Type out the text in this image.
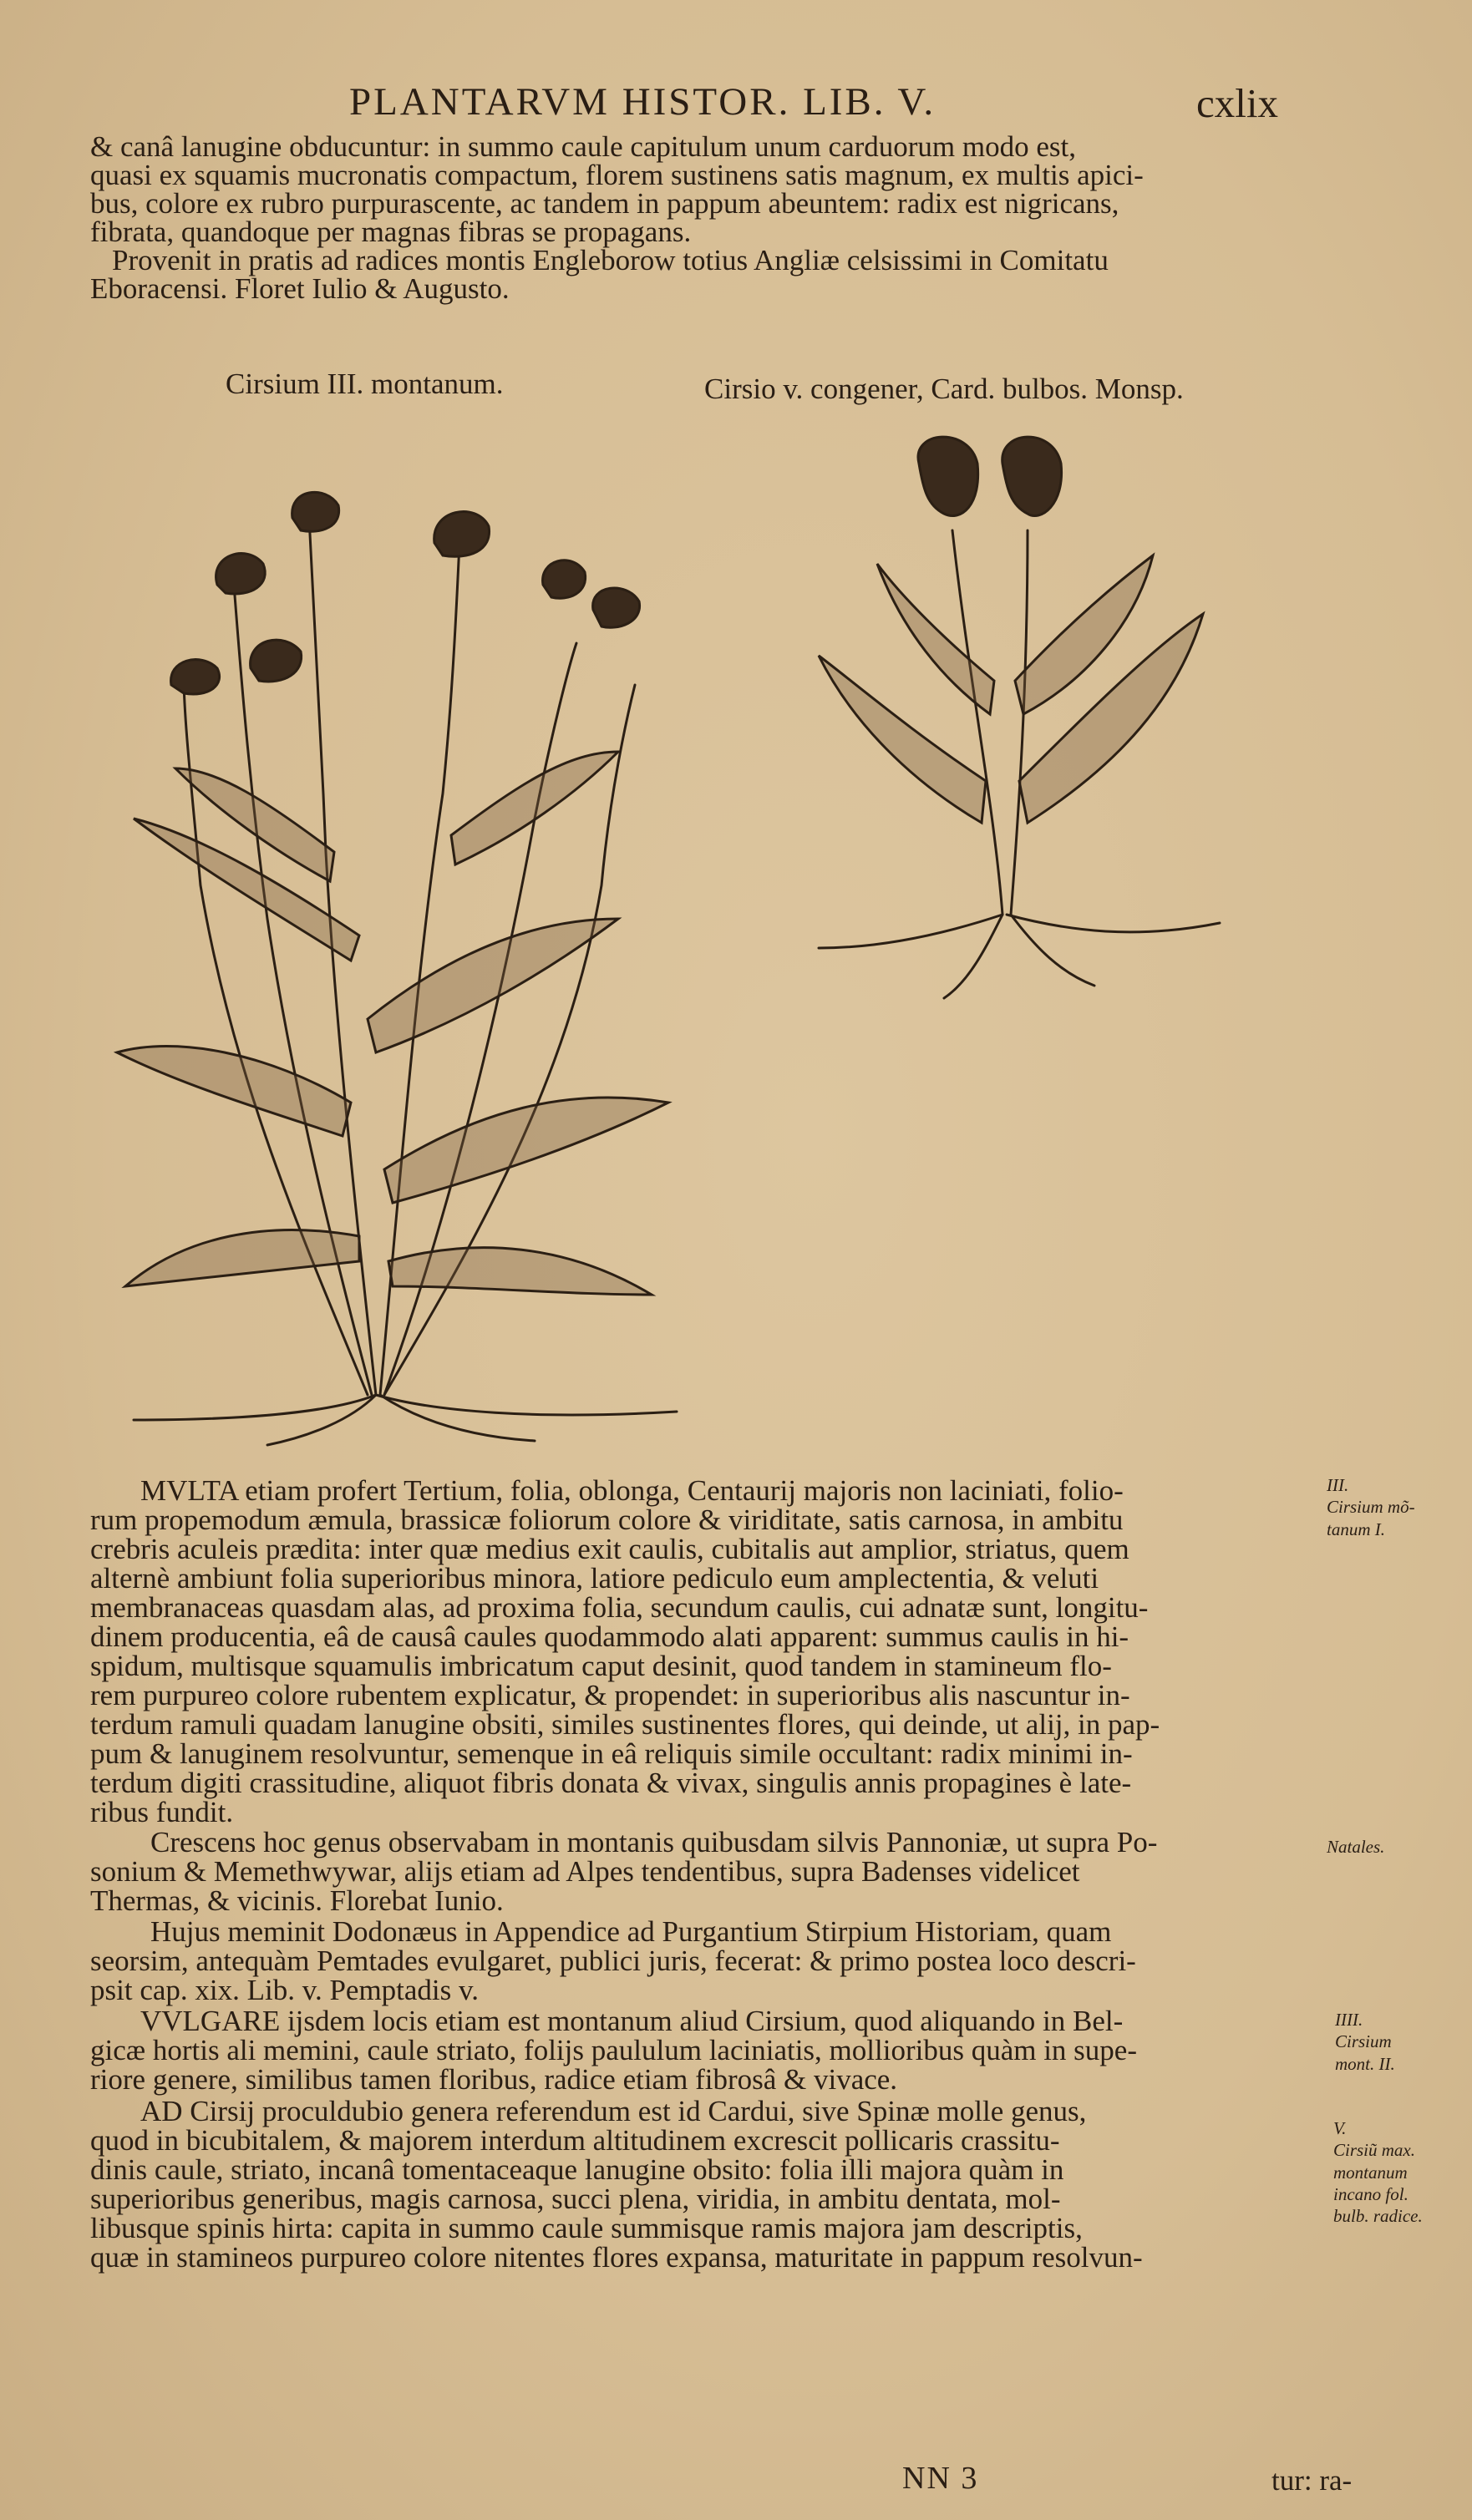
PLANTARVM HISTOR. LIB. V.	cxlix
& canâ lanugine obducuntur: in summo caule capitulum unum carduorum modo est,
quasi ex squamis mucronatis compactum, florem sustinens satis magnum, ex multis apici-
bus, colore ex rubro purpurascente, ac tandem in pappum abeuntem: radix est nigricans,
fibrata, quandoque per magnas fibras se propagans.
Provenit in pratis ad radices montis Engleborow totius Angliæ celsissimi in Comitatu
Eboracensi. Floret Iulio & Augusto.
Cirsium III. montanum.	Cirsio v. congener, Card. bulbos. Monsp.
MVLTA etiam profert Tertium, folia, oblonga, Centaurij majoris non laciniati, folio-
rum propemodum æmula, brassicæ foliorum colore & viriditate, satis carnosa, in ambitu
crebris aculeis prædita: inter quæ medius exit caulis, cubitalis aut amplior, striatus, quem
alternè ambiunt folia superioribus minora, latiore pediculo eum amplectentia, & veluti
membranaceas quasdam alas, ad proxima folia, secundum caulis, cui adnatæ sunt, longitu-
dinem producentia, eâ de causâ caules quodammodo alati apparent: summus caulis in hi-
spidum, multisque squamulis imbricatum caput desinit, quod tandem in stamineum flo-
rem purpureo colore rubentem explicatur, & propendet: in superioribus alis nascuntur in-
terdum ramuli quadam lanugine obsiti, similes sustinentes flores, qui deinde, ut alij, in pap-
pum & lanuginem resolvuntur, semenque in eâ reliquis simile occultant: radix minimi in-
terdum digiti crassitudine, aliquot fibris donata & vivax, singulis annis propagines è late-
ribus fundit.
Crescens hoc genus observabam in montanis quibusdam silvis Pannoniæ, ut supra Po-
sonium & Memethwywar, alijs etiam ad Alpes tendentibus, supra Badenses videlicet
Thermas, & vicinis. Florebat Iunio.
Hujus meminit Dodonæus in Appendice ad Purgantium Stirpium Historiam, quam
seorsim, antequàm Pemtades evulgaret, publici juris, fecerat: & primo postea loco descri-
psit cap. xix. Lib. v. Pemptadis v.
VVLGARE ijsdem locis etiam est montanum aliud Cirsium, quod aliquando in Bel-
gicæ hortis ali memini, caule striato, folijs paululum laciniatis, mollioribus quàm in supe-
riore genere, similibus tamen floribus, radice etiam fibrosâ & vivace.
AD Cirsij proculdubio genera referendum est id Cardui, sive Spinæ molle genus,
quod in bicubitalem, & majorem interdum altitudinem excrescit pollicaris crassitu-
dinis caule, striato, incanâ tomentaceaque lanugine obsito: folia illi majora quàm in
superioribus generibus, magis carnosa, succi plena, viridia, in ambitu dentata, mol-
libusque spinis hirta: capita in summo caule summisque ramis majora jam descriptis,
quæ in stamineos purpureo colore nitentes flores expansa, maturitate in pappum resolvun-
III.
Cirsium mõ-
tanum I.
Natales.
IIII.
Cirsium
mont. II.
V.
Cirsiũ max.
montanum
incano fol.
bulb. radice.
NN 3	tur: ra-
